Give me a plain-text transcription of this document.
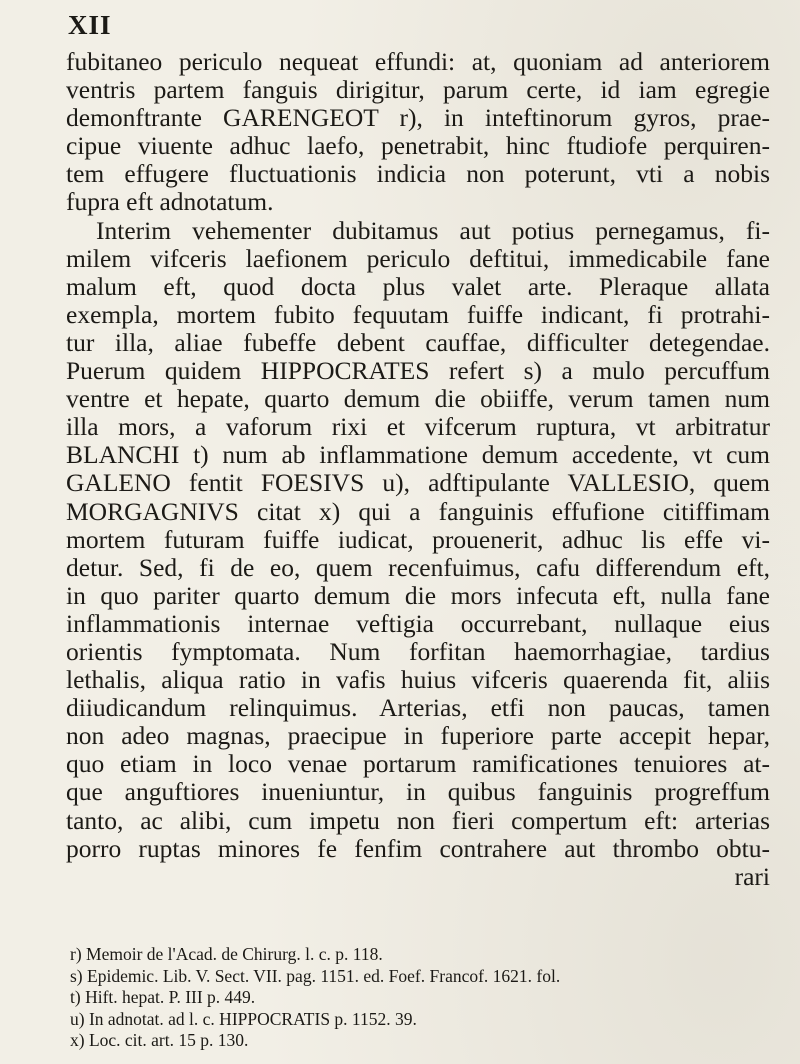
XII
fubitaneo periculo nequeat effundi: at, quoniam ad anteriorem
ventris partem fanguis dirigitur, parum certe, id iam egregie
demonftrante GARENGEOT r), in inteftinorum gyros, prae-
cipue viuente adhuc laefo, penetrabit, hinc ftudiofe perquiren-
tem effugere fluctuationis indicia non poterunt, vti a nobis
fupra eft adnotatum.
Interim vehementer dubitamus aut potius pernegamus, fi-
milem vifceris laefionem periculo deftitui, immedicabile fane
malum eft, quod docta plus valet arte. Pleraque allata
exempla, mortem fubito fequutam fuiffe indicant, fi protrahi-
tur illa, aliae fubeffe debent cauffae, difficulter detegendae.
Puerum quidem HIPPOCRATES refert s) a mulo percuffum
ventre et hepate, quarto demum die obiiffe, verum tamen num
illa mors, a vaforum rixi et vifcerum ruptura, vt arbitratur
BLANCHI t) num ab inflammatione demum accedente, vt cum
GALENO fentit FOESIVS u), adftipulante VALLESIO, quem
MORGAGNIVS citat x) qui a fanguinis effufione citiffimam
mortem futuram fuiffe iudicat, prouenerit, adhuc lis effe vi-
detur. Sed, fi de eo, quem recenfuimus, cafu differendum eft,
in quo pariter quarto demum die mors infecuta eft, nulla fane
inflammationis internae veftigia occurrebant, nullaque eius
orientis fymptomata. Num forfitan haemorrhagiae, tardius
lethalis, aliqua ratio in vafis huius vifceris quaerenda fit, aliis
diiudicandum relinquimus. Arterias, etfi non paucas, tamen
non adeo magnas, praecipue in fuperiore parte accepit hepar,
quo etiam in loco venae portarum ramificationes tenuiores at-
que anguftiores inueniuntur, in quibus fanguinis progreffum
tanto, ac alibi, cum impetu non fieri compertum eft: arterias
porro ruptas minores fe fenfim contrahere aut thrombo obtu-
rari
r) Memoir de l'Acad. de Chirurg. l. c. p. 118.
s) Epidemic. Lib. V. Sect. VII. pag. 1151. ed. Foef. Francof. 1621. fol.
t) Hift. hepat. P. III p. 449.
u) In adnotat. ad l. c. HIPPOCRATIS p. 1152. 39.
x) Loc. cit. art. 15 p. 130.
